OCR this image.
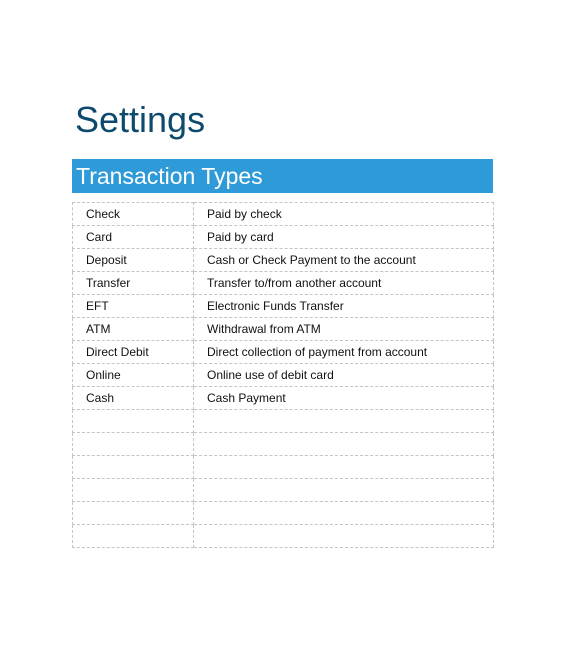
Settings
Transaction Types
Check	Paid by check
Card	Paid by card
Deposit	Cash or Check Payment to the account
Transfer	Transfer to/from another account
EFT	Electronic Funds Transfer
ATM	Withdrawal from ATM
Direct Debit	Direct collection of payment from account
Online	Online use of debit card
Cash	Cash Payment
